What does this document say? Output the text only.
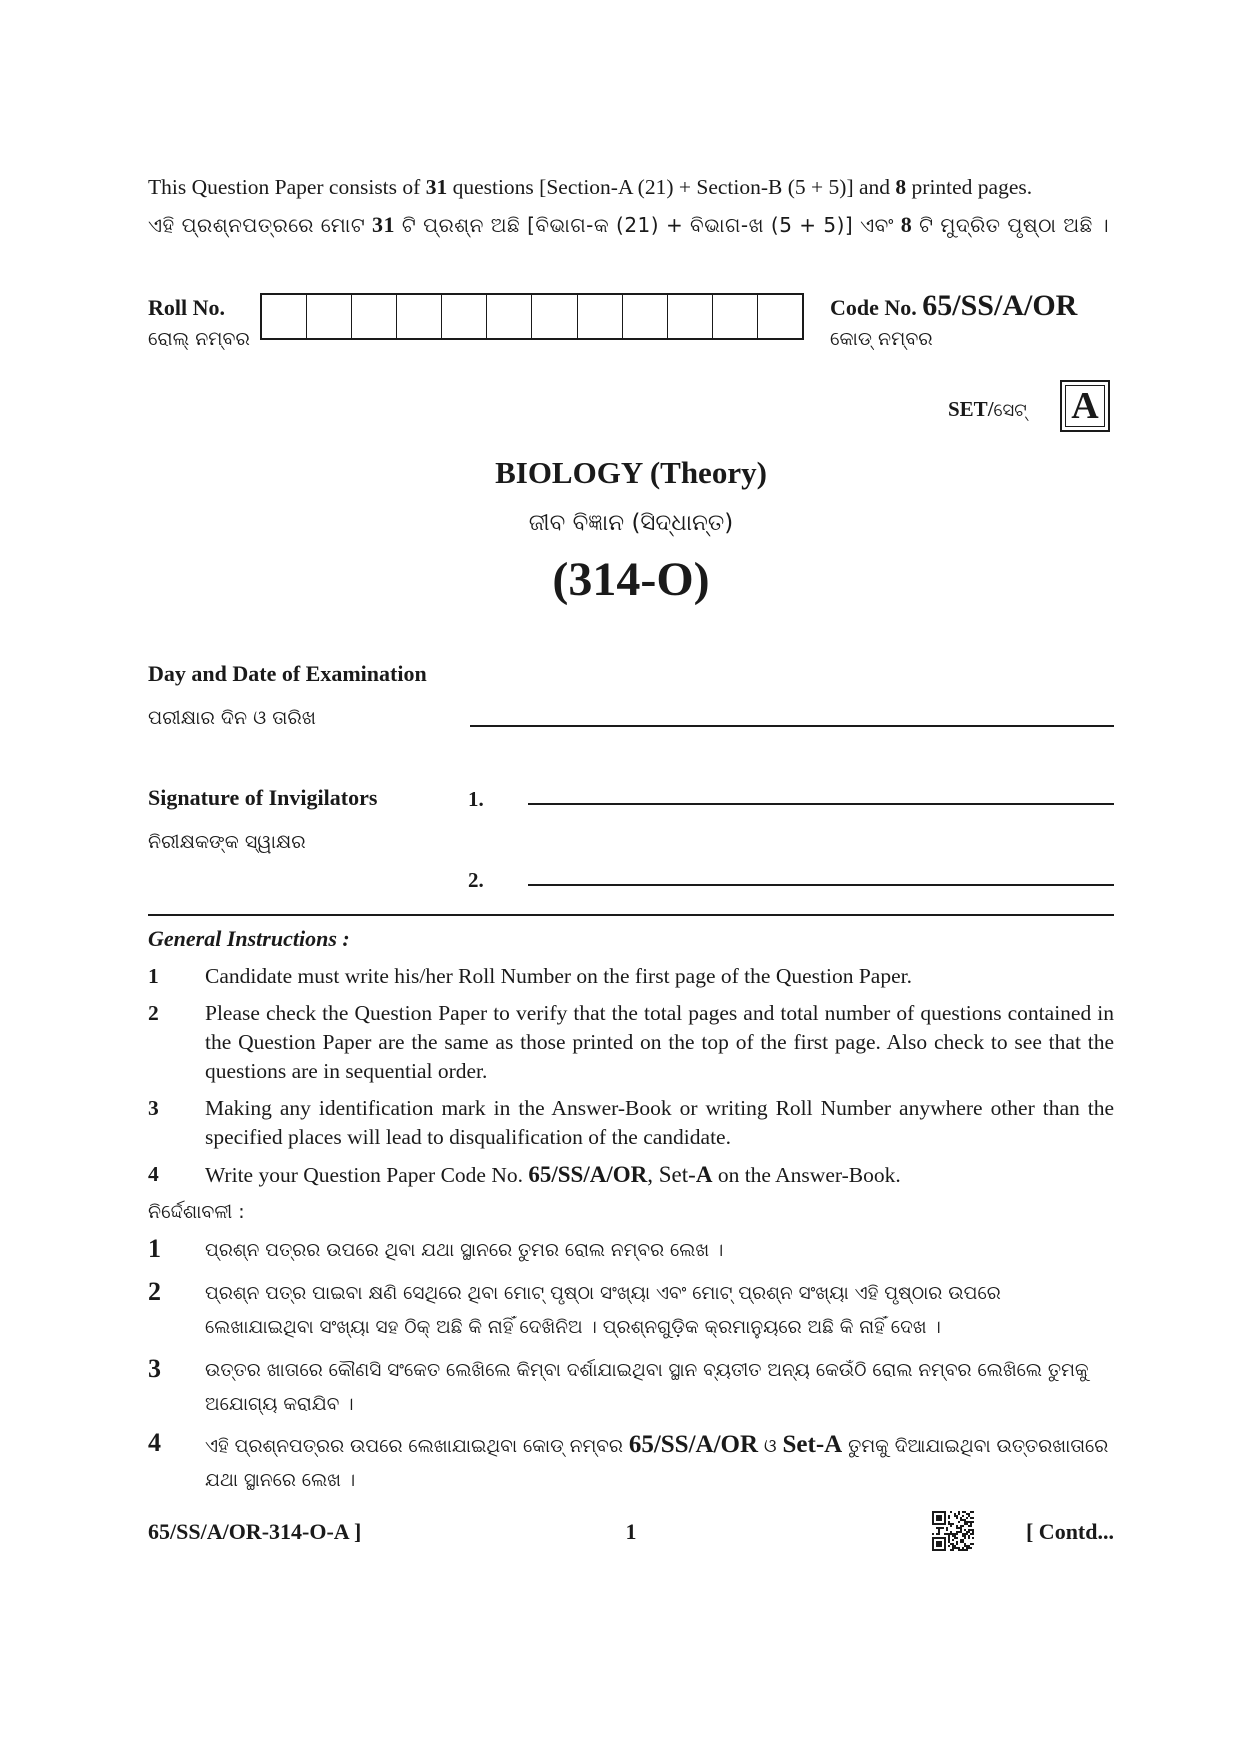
This Question Paper consists of 31 questions [Section-A (21) + Section-B (5 + 5)] and 8 printed pages.
ଏହି ପ୍ରଶ୍ନପତ୍ରରେ ମୋଟ 31 ଟି ପ୍ରଶ୍ନ ଅଛି [ବିଭାଗ-କ (21) + ବିଭାଗ-ଖ (5 + 5)] ଏବଂ 8 ଟି ମୁଦ୍ରିତ ପୃଷ୍ଠା ଅଛି ।
Roll No.
ରୋଲ୍ ନମ୍ବର
Code No. 65/SS/A/OR
କୋଡ୍ ନମ୍ବର
SET/ସେଟ୍ A
BIOLOGY (Theory)
ଜୀବ ବିଜ୍ଞାନ (ସିଦ୍ଧାନ୍ତ)
(314-O)
Day and Date of Examination
ପରୀକ୍ଷାର ଦିନ ଓ ତାରିଖ
Signature of Invigilators
ନିରୀକ୍ଷକଙ୍କ ସ୍ୱାକ୍ଷର
1.
2.
General Instructions :
1 Candidate must write his/her Roll Number on the first page of the Question Paper.
2 Please check the Question Paper to verify that the total pages and total number of questions contained in the Question Paper are the same as those printed on the top of the first page. Also check to see that the questions are in sequential order.
3 Making any identification mark in the Answer-Book or writing Roll Number anywhere other than the specified places will lead to disqualification of the candidate.
4 Write your Question Paper Code No. 65/SS/A/OR, Set-A on the Answer-Book.
ନିର୍ଦ୍ଦେଶାବଳୀ :
1 ପ୍ରଶ୍ନ ପତ୍ରର ଉପରେ ଥିବା ଯଥା ସ୍ଥାନରେ ତୁମର ରୋଲ ନମ୍ବର ଲେଖ ।
2 ପ୍ରଶ୍ନ ପତ୍ର ପାଇବା କ୍ଷଣି ସେଥିରେ ଥିବା ମୋଟ୍ ପୃଷ୍ଠା ସଂଖ୍ୟା ଏବଂ ମୋଟ୍ ପ୍ରଶ୍ନ ସଂଖ୍ୟା ଏହି ପୃଷ୍ଠାର ଉପରେ ଲେଖାଯାଇଥିବା ସଂଖ୍ୟା ସହ ଠିକ୍ ଅଛି କି ନାହିଁ ଦେଖିନିଅ । ପ୍ରଶ୍ନଗୁଡ଼ିକ କ୍ରମାନୁୟରେ ଅଛି କି ନାହିଁ ଦେଖ ।
3 ଉତ୍ତର ଖାତାରେ କୌଣସି ସଂକେତ ଲେଖିଲେ କିମ୍ବା ଦର୍ଶାଯାଇଥିବା ସ୍ଥାନ ବ୍ୟତୀତ ଅନ୍ୟ କେଉଁଠି ରୋଲ ନମ୍ବର ଲେଖିଲେ ତୁମକୁ ଅଯୋଗ୍ୟ କରାଯିବ ।
4 ଏହି ପ୍ରଶ୍ନପତ୍ରର ଉପରେ ଲେଖାଯାଇଥିବା କୋଡ୍ ନମ୍ବର 65/SS/A/OR ଓ Set-A ତୁମକୁ ଦିଆଯାଇଥିବା ଉତ୍ତରଖାତାରେ ଯଥା ସ୍ଥାନରେ ଲେଖ ।
65/SS/A/OR-314-O-A ]	1	[ Contd...
